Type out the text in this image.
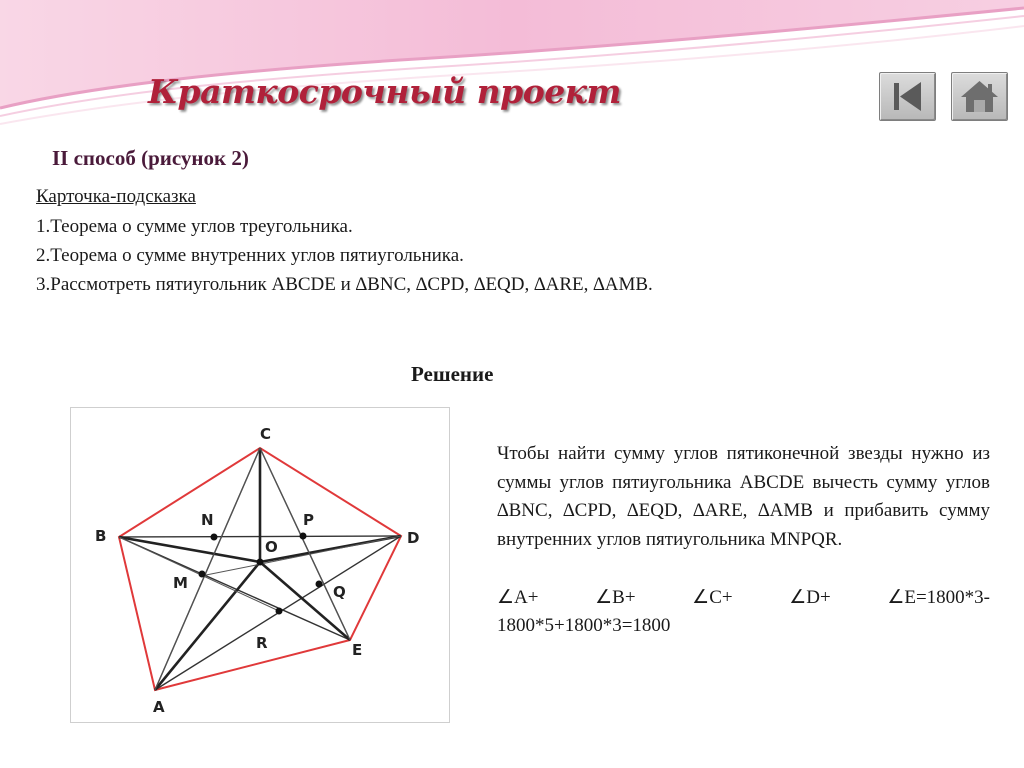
Краткосрочный проект
II способ (рисунок 2)
Карточка-подсказка
1.Теорема о сумме углов треугольника.
2.Теорема о сумме внутренних углов пятиугольника.
3.Рассмотреть пятиугольник ABCDE и ∆BNC, ∆CPD, ∆EQD, ∆ARE, ∆AMB.
Решение
A
B
C
D
E
M
N	P
Q
R
O
Чтобы найти сумму углов пятиконечной звезды нужно из суммы углов пятиугольника ABCDE вычесть сумму углов ∆BNC, ∆CPD, ∆EQD, ∆ARE, ∆AMB и прибавить сумму внутренних углов пятиугольника MNPQR.
∠A+	∠B+	∠C+	∠D+	∠E=1800*3-
1800*5+1800*3=1800
